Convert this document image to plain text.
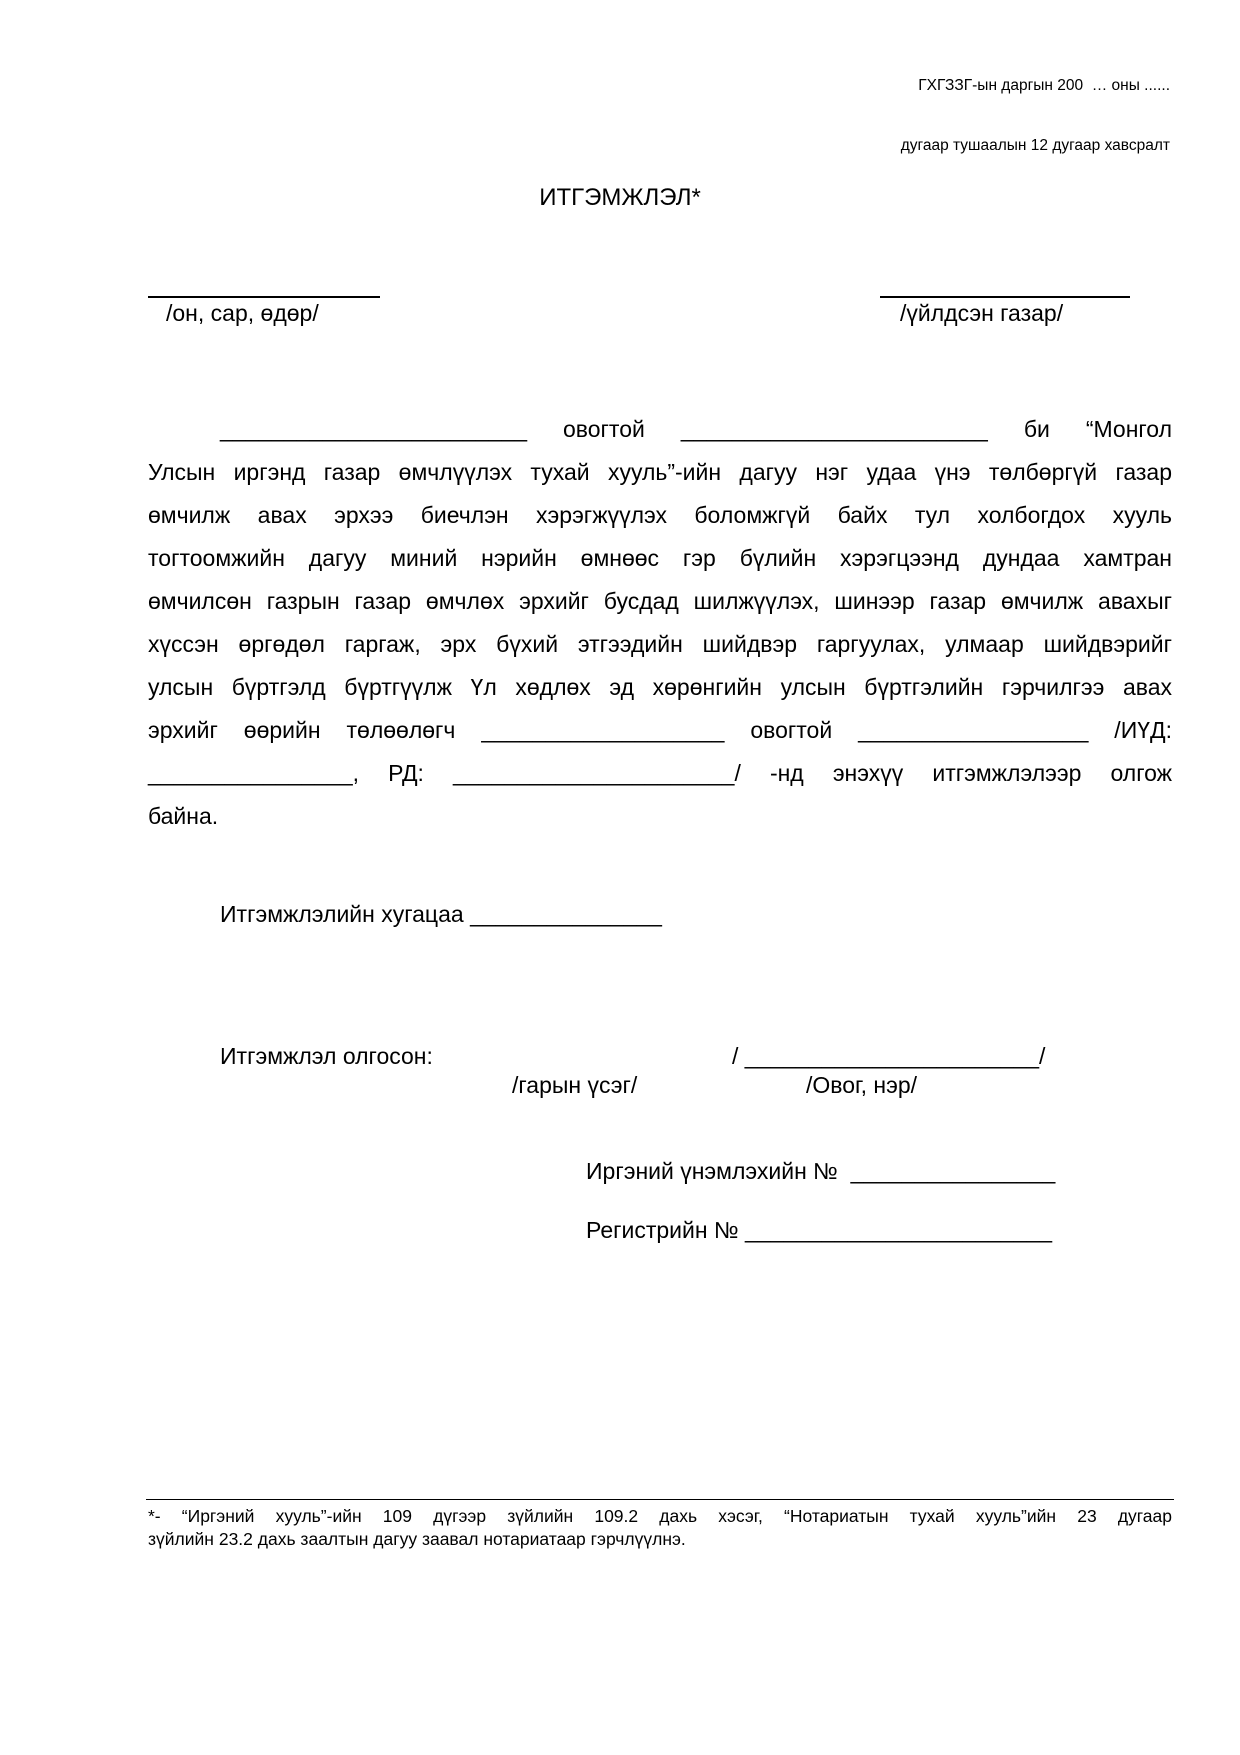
ГХГЗЗГ-ын даргын 200  … оны ......

дугаар тушаалын 12 дугаар хавсралт

ИТГЭМЖЛЭЛ*
/он, сар, өдөр/	/үйлдсэн газар/
________________________ овогтой ________________________ би “Монгол
Улсын иргэнд газар өмчлүүлэх тухай хууль”-ийн дагуу нэг удаа үнэ төлбөргүй газар
өмчилж авах эрхээ биечлэн хэрэгжүүлэх боломжгүй байх тул холбогдох хууль
тогтоомжийн дагуу миний нэрийн өмнөөс гэр бүлийн хэрэгцээнд дундаа хамтран
өмчилсөн газрын газар өмчлөх эрхийг бусдад шилжүүлэх, шинээр газар өмчилж авахыг
хүссэн өргөдөл гаргаж, эрх бүхий этгээдийн шийдвэр гаргуулах, улмаар шийдвэрийг
улсын бүртгэлд бүртгүүлж Үл хөдлөх эд хөрөнгийн улсын бүртгэлийн гэрчилгээ авах
эрхийг өөрийн төлөөлөгч ___________________ овогтой __________________ /ИҮД:
________________, РД: ______________________/ -нд энэхүү итгэмжлэлээр олгож
байна.
Итгэмжлэлийн хугацаа _______________
Итгэмжлэл олгосон:	/ _______________________/
/гарын үсэг/	/Овог, нэр/
Иргэний үнэмлэхийн №  ________________
Регистрийн № ________________________
*- “Иргэний хууль”-ийн 109 дүгээр зүйлийн 109.2 дахь хэсэг, “Нотариатын тухай хууль”ийн 23 дугаар
зүйлийн 23.2 дахь заалтын дагуу заавал нотариатаар гэрчлүүлнэ.
